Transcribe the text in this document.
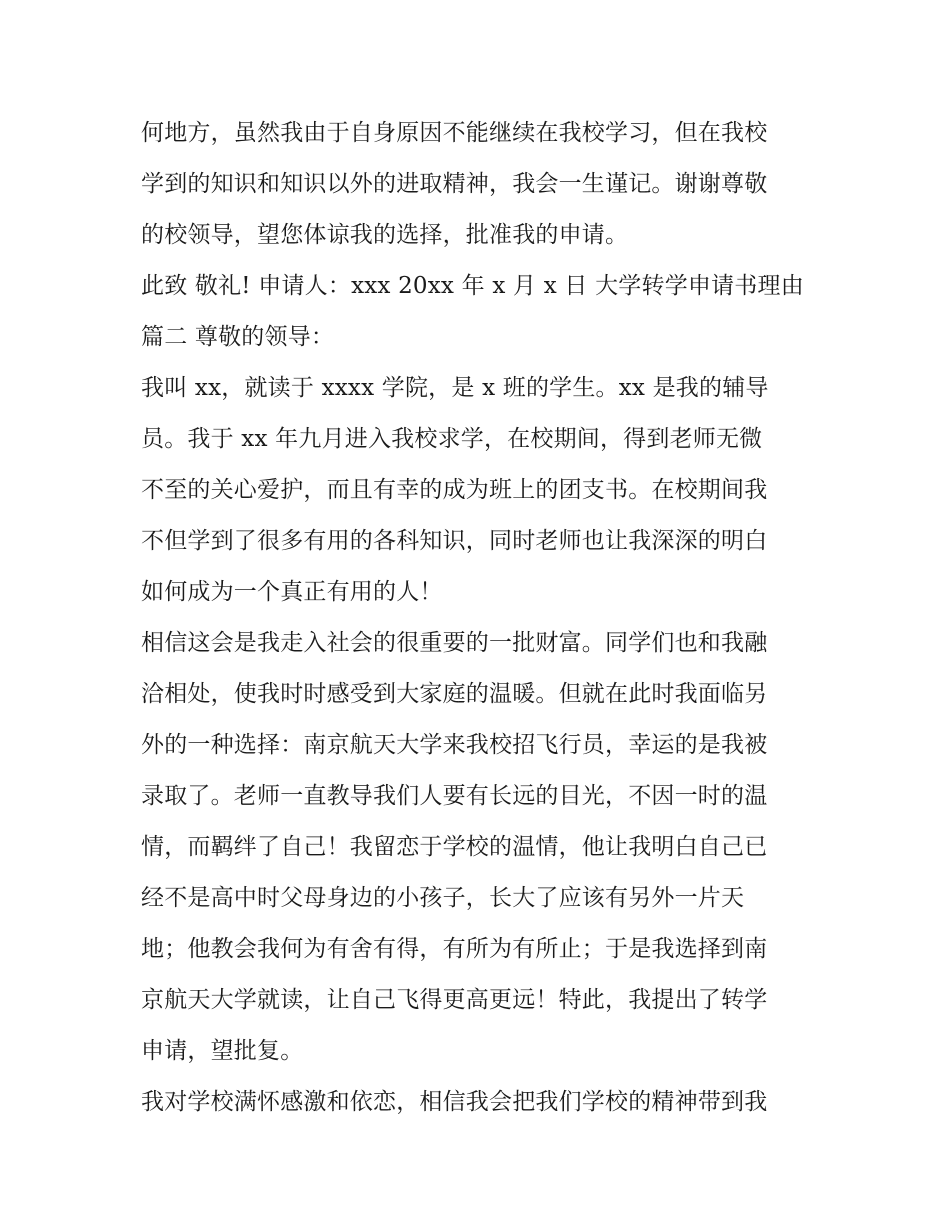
何地方，虽然我由于自身原因不能继续在我校学习，但在我校

学到的知识和知识以外的进取精神，我会一生谨记。谢谢尊敬

的校领导，望您体谅我的选择，批准我的申请。

此致 敬礼! 申请人：xxx 20xx 年 x 月 x 日 大学转学申请书理由

篇二 尊敬的领导：

我叫 xx，就读于 xxxx 学院，是 x 班的学生。xx 是我的辅导

员。我于 xx 年九月进入我校求学，在校期间，得到老师无微

不至的关心爱护，而且有幸的成为班上的团支书。在校期间我

不但学到了很多有用的各科知识，同时老师也让我深深的明白

如何成为一个真正有用的人！

相信这会是我走入社会的很重要的一批财富。同学们也和我融

洽相处，使我时时感受到大家庭的温暖。但就在此时我面临另

外的一种选择：南京航天大学来我校招飞行员，幸运的是我被

录取了。老师一直教导我们人要有长远的目光，不因一时的温

情，而羁绊了自己！我留恋于学校的温情，他让我明白自己已

经不是高中时父母身边的小孩子，长大了应该有另外一片天

地；他教会我何为有舍有得，有所为有所止；于是我选择到南

京航天大学就读，让自己飞得更高更远！特此，我提出了转学

申请，望批复。

我对学校满怀感激和依恋，相信我会把我们学校的精神带到我
